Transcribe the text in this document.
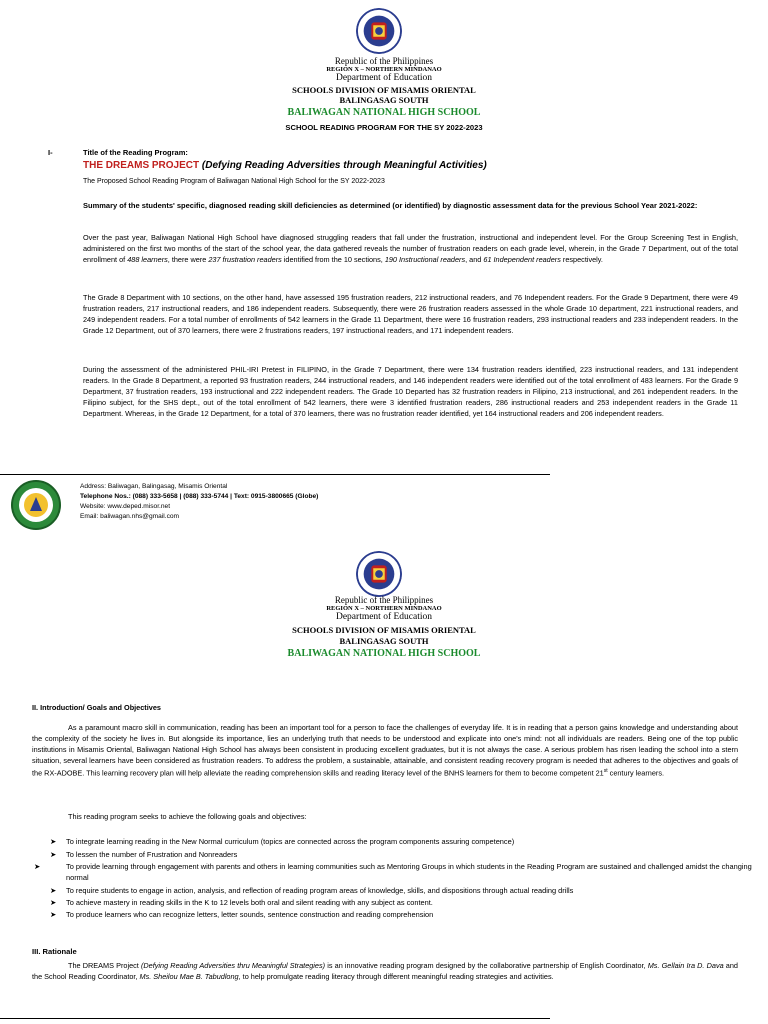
Republic of the Philippines
REGION X – NORTHERN MINDANAO
Department of Education
SCHOOLS DIVISION OF MISAMIS ORIENTAL
BALINGASAG SOUTH
BALIWAGAN NATIONAL HIGH SCHOOL
SCHOOL READING PROGRAM FOR THE SY 2022-2023
I-	Title of the Reading Program:
THE DREAMS PROJECT (Defying Reading Adversities through Meaningful Activities)
The Proposed School Reading Program of Baliwagan National High School for the SY 2022-2023
Summary of the students' specific, diagnosed reading skill deficiencies as determined (or identified) by diagnostic assessment data for the previous School Year 2021-2022:
Over the past year, Baliwagan National High School have diagnosed struggling readers that fall under the frustration, instructional and independent level. For the Group Screening Test in English, administered on the first two months of the start of the school year, the data gathered reveals the number of frustration readers on each grade level, wherein, in the Grade 7 Department, out of the total enrollment of 488 learners, there were 237 frustration readers identified from the 10 sections, 190 Instructional readers, and 61 Independent readers respectively.
The Grade 8 Department with 10 sections, on the other hand, have assessed 195 frustration readers, 212 instructional readers, and 76 Independent readers. For the Grade 9 Department, there were 49 frustration readers, 217 instructional readers, and 186 independent readers. Subsequently, there were 26 frustration readers assessed in the whole Grade 10 department, 221 instructional readers, and 249 independent readers. For a total number of enrollments of 542 learners in the Grade 11 Department, there were 16 frustration readers, 293 instructional readers and 233 independent readers. In the Grade 12 Department, out of 370 learners, there were 2 frustrations readers, 197 instructional readers, and 171 independent readers.
During the assessment of the administered PHIL-IRI Pretest in FILIPINO, in the Grade 7 Department, there were 134 frustration readers identified, 223 instructional readers, and 131 independent readers. In the Grade 8 Department, a reported 93 frustration readers, 244 instructional readers, and 146 independent readers were identified out of the total enrollment of 483 learners. For the Grade 9 Department, 37 frustration readers, 193 instructional and 222 independent readers. The Grade 10 Departed has 32 frustration readers in Filipino, 213 instructional, and 261 independent readers. In the Filipino subject, for the SHS dept., out of the total enrollment of 542 learners, there were 3 identified frustration readers, 286 instructional readers and 253 independent readers in the Grade 11 Department. Whereas, in the Grade 12 Department, for a total of 370 learners, there was no frustration reader identified, yet 164 instructional readers and 206 independent readers.
Address: Baliwagan, Balingasag, Misamis Oriental
Telephone Nos.: (088) 333-5658 | (088) 333-5744 | Text: 0915-3800665 (Globe)
Website: www.deped.misor.net
Email: baliwagan.nhs@gmail.com
Republic of the Philippines
REGION X – NORTHERN MINDANAO
Department of Education
SCHOOLS DIVISION OF MISAMIS ORIENTAL
BALINGASAG SOUTH
BALIWAGAN NATIONAL HIGH SCHOOL
II. Introduction/ Goals and Objectives
As a paramount macro skill in communication, reading has been an important tool for a person to face the challenges of everyday life. It is in reading that a person gains knowledge and understanding about the complexity of the society he lives in. But alongside its importance, lies an underlying truth that needs to be understood and explicate into one's mind: not all individuals are readers. Being one of the top public institutions in Misamis Oriental, Baliwagan National High School has always been consistent in producing excellent graduates, but it is not always the case. A serious problem has risen leading the school into a stern situation, several learners have been considered as frustration readers. To address the problem, a sustainable, attainable, and consistent reading recovery program is needed that adheres to the objectives and goals of the RX-ADOBE. This learning recovery plan will help alleviate the reading comprehension skills and reading literacy level of the BNHS learners for them to become competent 21st century learners.
This reading program seeks to achieve the following goals and objectives:
➤ To integrate learning reading in the New Normal curriculum (topics are connected across the program components assuring competence)
➤ To lessen the number of Frustration and Nonreaders
➤	To provide learning through engagement with parents and others in learning communities such as Mentoring Groups in which students in the Reading Program are sustained and challenged amidst the changing normal
➤ To require students to engage in action, analysis, and reflection of reading program areas of knowledge, skills, and dispositions through actual reading drills
➤ To achieve mastery in reading skills in the K to 12 levels both oral and silent reading with any subject as content.
➤ To produce learners who can recognize letters, letter sounds, sentence construction and reading comprehension
III. Rationale
The DREAMS Project (Defying Reading Adversities thru Meaningful Strategies) is an innovative reading program designed by the collaborative partnership of English Coordinator, Ms. Gellain Ira D. Dava and the School Reading Coordinator, Ms. Sheilou Mae B. Tabudlong, to help promulgate reading literacy through different meaningful reading strategies and activities.
